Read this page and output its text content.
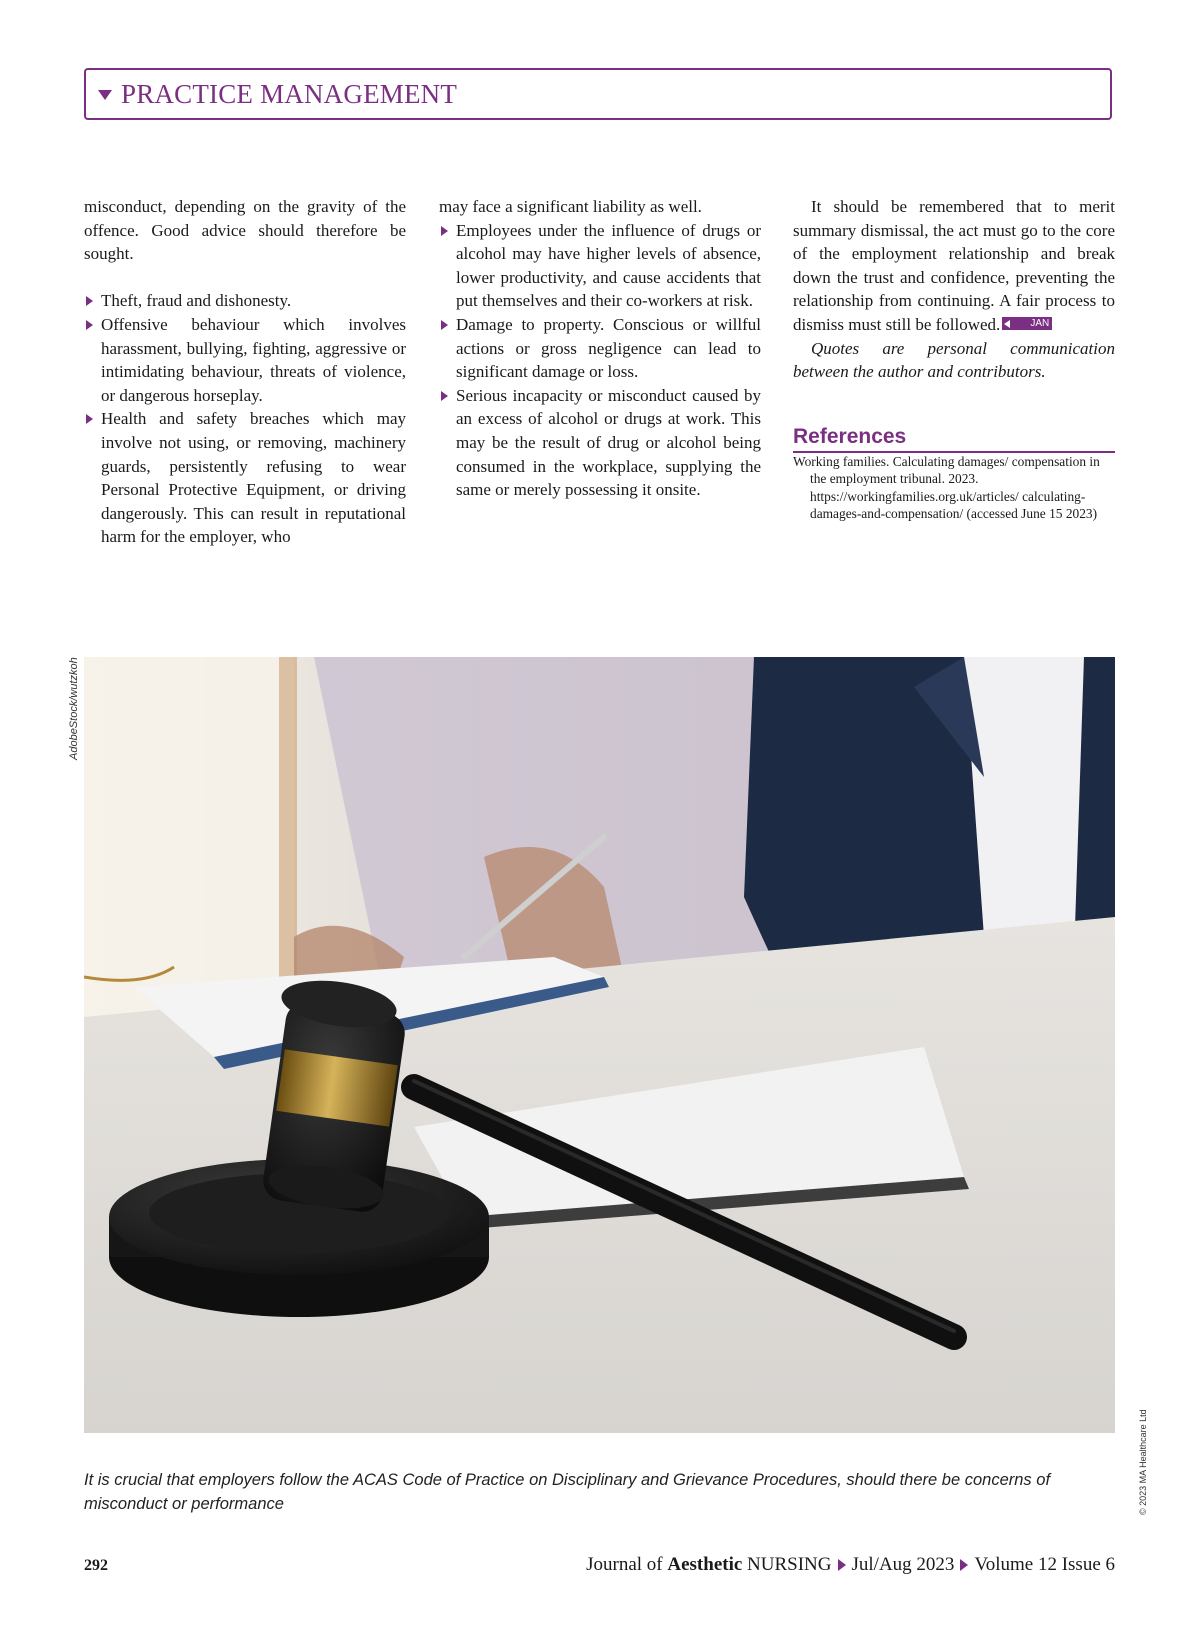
PRACTICE MANAGEMENT

misconduct, depending on the gravity of the offence. Good advice should therefore be sought.

Theft, fraud and dishonesty.
Offensive behaviour which involves harassment, bullying, fighting, aggressive or intimidating behaviour, threats of violence, or dangerous horseplay.
Health and safety breaches which may involve not using, or removing, machinery guards, persistently refusing to wear Personal Protective Equipment, or driving dangerously. This can result in reputational harm for the employer, who

may face a significant liability as well.

Employees under the influence of drugs or alcohol may have higher levels of absence, lower productivity, and cause accidents that put themselves and their co-workers at risk.
Damage to property. Conscious or willful actions or gross negligence can lead to significant damage or loss.
Serious incapacity or misconduct caused by an excess of alcohol or drugs at work. This may be the result of drug or alcohol being consumed in the workplace, supplying the same or merely possessing it onsite.

It should be remembered that to merit summary dismissal, the act must go to the core of the employment relationship and break down the trust and confidence, preventing the relationship from continuing. A fair process to dismiss must still be followed.	JAN

Quotes are personal communication between the author and contributors.

References
Working families. Calculating damages/ compensation in the employment tribunal. 2023. https://workingfamilies.org.uk/articles/ calculating-damages-and-compensation/ (accessed June 15 2023)
AdobeStock/wutzkoh
© 2023 MA Healthcare Ltd
It is crucial that employers follow the ACAS Code of Practice on Disciplinary and Grievance Procedures, should there be concerns of misconduct or performance
292	Journal of
Aesthetic
NURSING Jul/Aug 2023 Volume 12 Issue 6
